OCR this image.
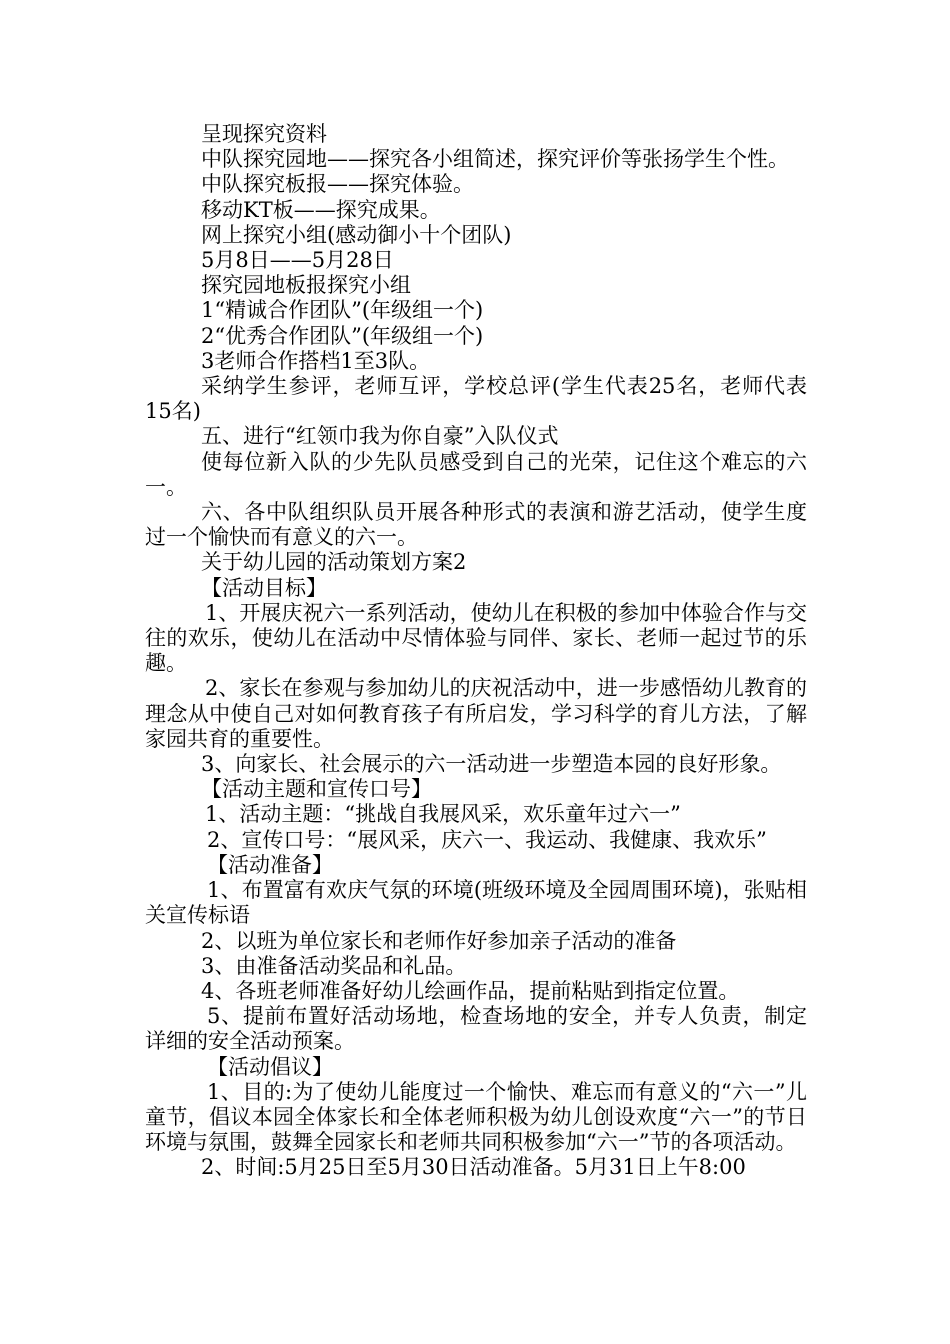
呈现探究资料

中队探究园地——探究各小组简述，探究评价等张扬学生个性。

中队探究板报——探究体验。

移动KT板——探究成果。

网上探究小组(感动御小十个团队)

5月8日——5月28日

探究园地板报探究小组

1“精诚合作团队”(年级组一个)

2“优秀合作团队”(年级组一个)

3老师合作搭档1至3队。

采纳学生参评，老师互评，学校总评(学生代表25名，老师代表15名)

五、进行“红领巾我为你自豪”入队仪式

使每位新入队的少先队员感受到自己的光荣，记住这个难忘的六一。

六、各中队组织队员开展各种形式的表演和游艺活动，使学生度过一个愉快而有意义的六一。

关于幼儿园的活动策划方案2

【活动目标】

1、开展庆祝六一系列活动，使幼儿在积极的参加中体验合作与交往的欢乐，使幼儿在活动中尽情体验与同伴、家长、老师一起过节的乐趣。

2、家长在参观与参加幼儿的庆祝活动中，进一步感悟幼儿教育的理念从中使自己对如何教育孩子有所启发，学习科学的育儿方法，了解家园共育的重要性。

3、向家长、社会展示的六一活动进一步塑造本园的良好形象。

【活动主题和宣传口号】

1、活动主题：“挑战自我展风采，欢乐童年过六一”

2、宣传口号：“展风采，庆六一、我运动、我健康、我欢乐”

【活动准备】

1、布置富有欢庆气氛的环境(班级环境及全园周围环境)，张贴相关宣传标语

2、以班为单位家长和老师作好参加亲子活动的准备

3、由准备活动奖品和礼品。

4、各班老师准备好幼儿绘画作品，提前粘贴到指定位置。

5、提前布置好活动场地，检查场地的安全，并专人负责，制定详细的安全活动预案。

【活动倡议】

1、目的:为了使幼儿能度过一个愉快、难忘而有意义的“六一”儿童节，倡议本园全体家长和全体老师积极为幼儿创设欢度“六一”的节日环境与氛围，鼓舞全园家长和老师共同积极参加“六一”节的各项活动。

2、时间:5月25日至5月30日活动准备。5月31日上午8:00
